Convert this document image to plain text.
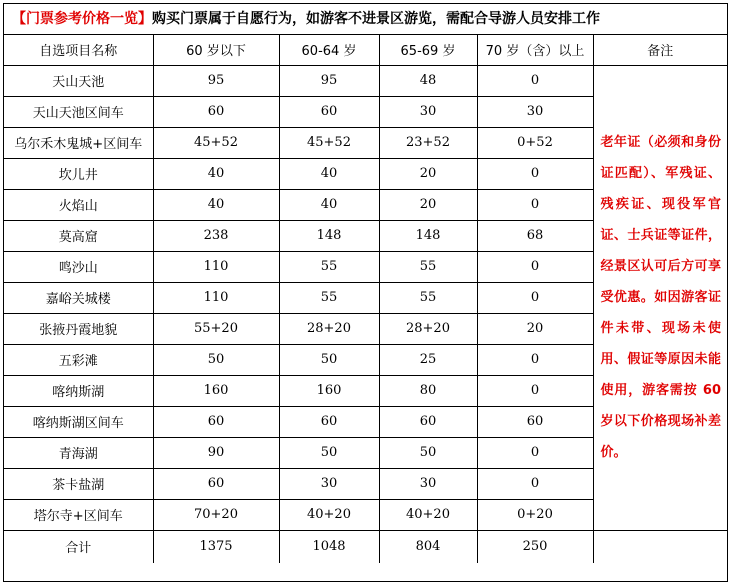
【门票参考价格一览】购买门票属于自愿行为，如游客不进景区游览，需配合导游人员安排工作
自选项目名称	60 岁以下	60-64 岁	65-69 岁	70 岁（含）以上	备注
天山天池	95	95	48	0	老年证（必须和身份证匹配）、军残证、残疾证、现役军官证、士兵证等证件，经景区认可后方可享受优惠。如因游客证件未带、现场未使用、假证等原因未能使用，游客需按 60 岁以下价格现场补差价。
天山天池区间车	60	60	30	30	
乌尔禾木鬼城+区间车	45+52	45+52	23+52	0+52	
坎儿井	40	40	20	0	
火焰山	40	40	20	0	
莫高窟	238	148	148	68	
鸣沙山	110	55	55	0	
嘉峪关城楼	110	55	55	0	
张掖丹霞地貌	55+20	28+20	28+20	20	
五彩滩	50	50	25	0	
喀纳斯湖	160	160	80	0	
喀纳斯湖区间车	60	60	60	60	
青海湖	90	50	50	0	
茶卡盐湖	60	30	30	0	
塔尔寺+区间车	70+20	40+20	40+20	0+20	
合计	1375	1048	804	250	
